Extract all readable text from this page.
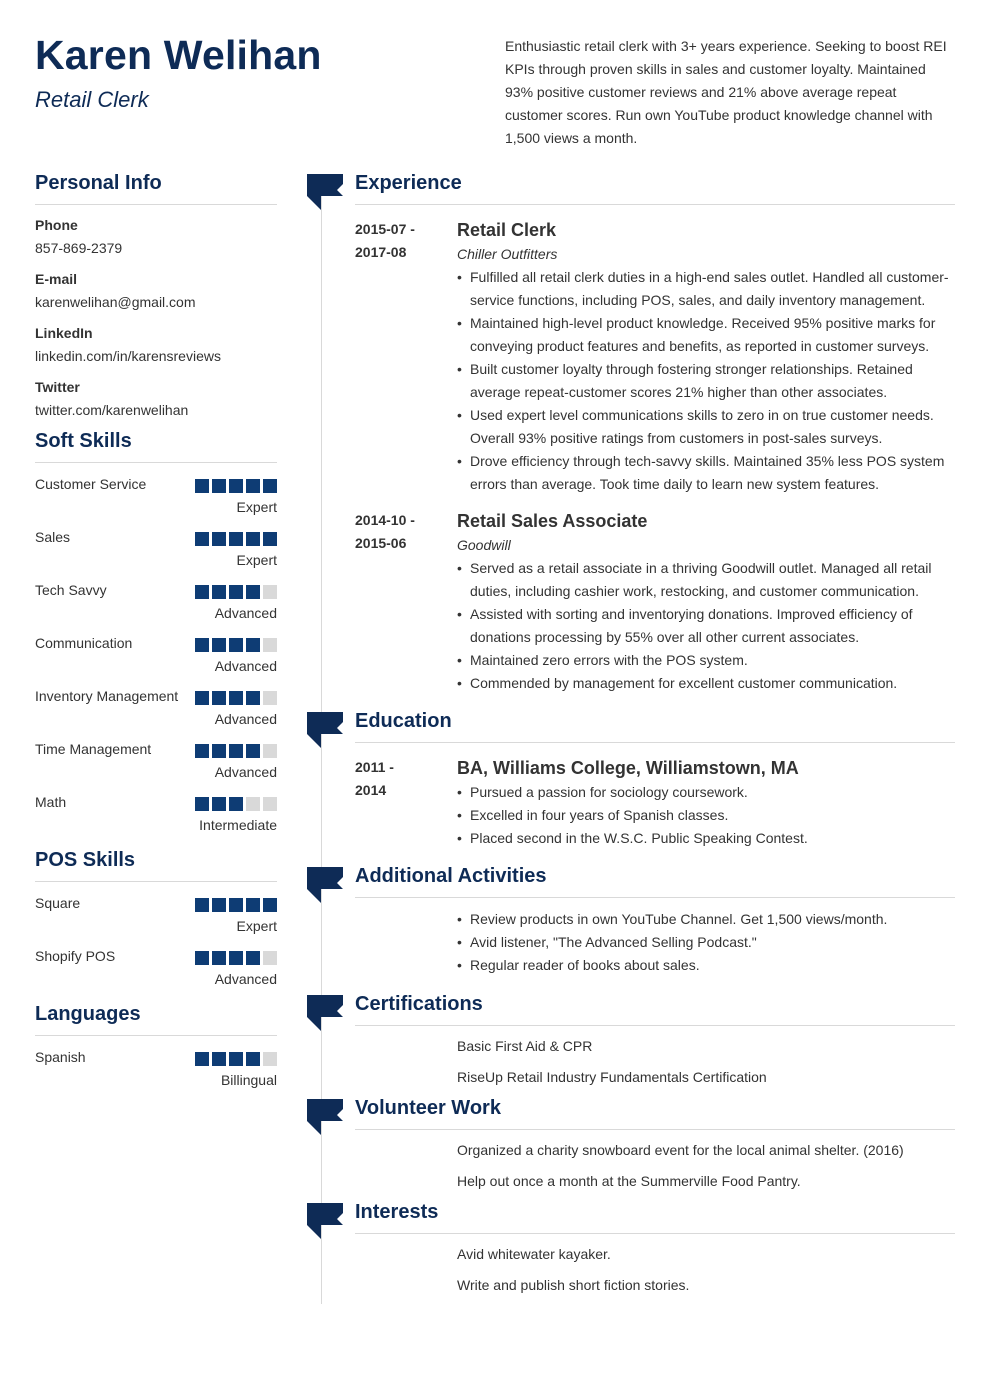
Karen Welihan
Retail Clerk
Enthusiastic retail clerk with 3+ years experience. Seeking to boost REI KPIs through proven skills in sales and customer loyalty. Maintained 93% positive customer reviews and 21% above average repeat customer scores. Run own YouTube product knowledge channel with 1,500 views a month.
Personal Info
Phone
857-869-2379
E-mail
karenwelihan@gmail.com
LinkedIn
linkedin.com/in/karensreviews
Twitter
twitter.com/karenwelihan
Soft Skills
Customer Service
Expert
Sales
Expert
Tech Savvy
Advanced
Communication
Advanced
Inventory Management
Advanced
Time Management
Advanced
Math
Intermediate
POS Skills
Square
Expert
Shopify POS
Advanced
Languages
Spanish
Billingual
Experience
2015-07 -
2017-08
Retail Clerk
Chiller Outfitters
• Fulfilled all retail clerk duties in a high-end sales outlet. Handled all customer-service functions, including POS, sales, and daily inventory management.
• Maintained high-level product knowledge. Received 95% positive marks for conveying product features and benefits, as reported in customer surveys.
• Built customer loyalty through fostering stronger relationships. Retained average repeat-customer scores 21% higher than other associates.
• Used expert level communications skills to zero in on true customer needs. Overall 93% positive ratings from customers in post-sales surveys.
• Drove efficiency through tech-savvy skills. Maintained 35% less POS system errors than average. Took time daily to learn new system features.
2014-10 -
2015-06
Retail Sales Associate
Goodwill
• Served as a retail associate in a thriving Goodwill outlet. Managed all retail duties, including cashier work, restocking, and customer communication.
• Assisted with sorting and inventorying donations. Improved efficiency of donations processing by 55% over all other current associates.
• Maintained zero errors with the POS system.
• Commended by management for excellent customer communication.
Education
2011 -
2014
BA, Williams College, Williamstown, MA
• Pursued a passion for sociology coursework.
• Excelled in four years of Spanish classes.
• Placed second in the W.S.C. Public Speaking Contest.
Additional Activities
• Review products in own YouTube Channel. Get 1,500 views/month.
• Avid listener, "The Advanced Selling Podcast."
• Regular reader of books about sales.
Certifications

Basic First Aid & CPR

RiseUp Retail Industry Fundamentals Certification

Volunteer Work

Organized a charity snowboard event for the local animal shelter. (2016)

Help out once a month at the Summerville Food Pantry.

Interests

Avid whitewater kayaker.

Write and publish short fiction stories.
